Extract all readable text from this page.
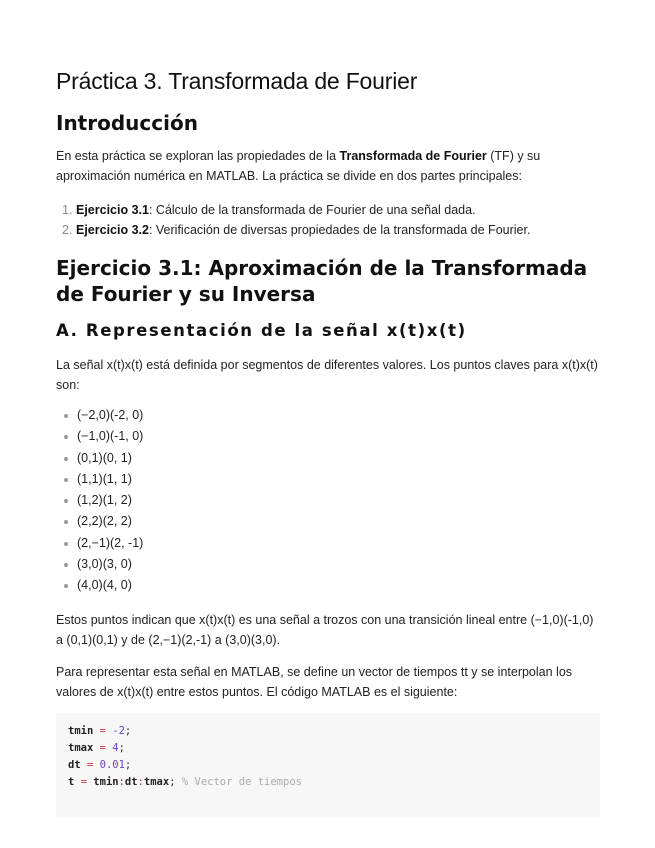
Práctica 3. Transformada de Fourier
Introducción

En esta práctica se exploran las propiedades de la Transformada de Fourier (TF) y su aproximación numérica en MATLAB. La práctica se divide en dos partes principales:

1. Ejercicio 3.1: Cálculo de la transformada de Fourier de una señal dada.
2. Ejercicio 3.2: Verificación de diversas propiedades de la transformada de Fourier.
Ejercicio 3.1: Aproximación de la Transformada de Fourier y su Inversa
A. Representación de la señal x(t)x(t)

La señal x(t)x(t) está definida por segmentos de diferentes valores. Los puntos claves para x(t)x(t) son:

(−2,0)(-2, 0)
(−1,0)(-1, 0)
(0,1)(0, 1)
(1,1)(1, 1)
(1,2)(1, 2)
(2,2)(2, 2)
(2,−1)(2, -1)
(3,0)(3, 0)
(4,0)(4, 0)

Estos puntos indican que x(t)x(t) es una señal a trozos con una transición lineal entre (−1,0)(-1,0) a (0,1)(0,1) y de (2,−1)(2,-1) a (3,0)(3,0).

Para representar esta señal en MATLAB, se define un vector de tiempos tt y se interpolan los valores de x(t)x(t) entre estos puntos. El código MATLAB es el siguiente:

tmin = -2;
tmax = 4;
dt = 0.01;
t = tmin:dt:tmax; % Vector de tiempos
